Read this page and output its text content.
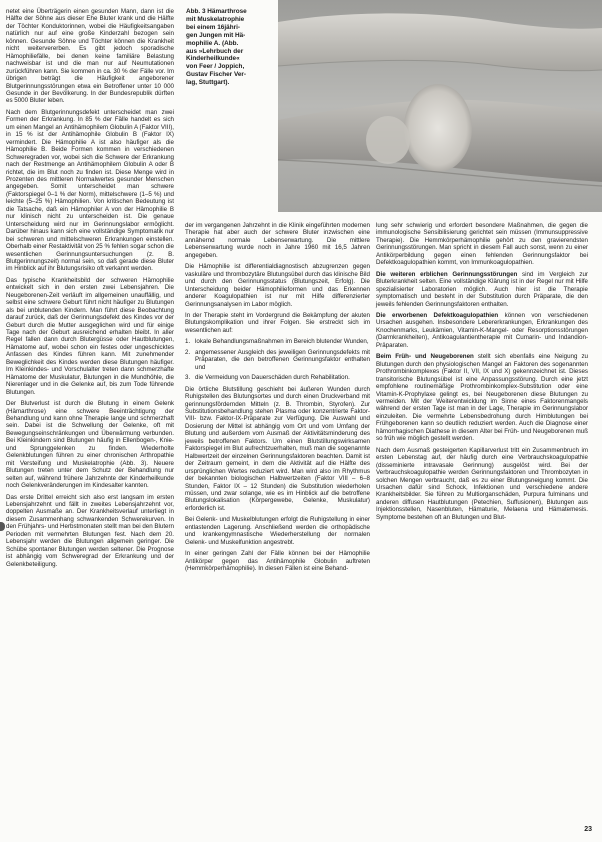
netet eine Überträgerin einen gesunden Mann, dann ist die Hälfte der Söhne aus dieser Ehe Bluter krank und die Hälfte der Töchter Konduktorinnen, wobei die Häufigkeitsangaben natürlich nur auf eine große Kinderzahl bezogen sein können. Gesunde Söhne und Töchter können die Krankheit nicht weitervererben. Es gibt jedoch sporadische Hämophiliefälle, bei denen keine familiäre Belastung nachweisbar ist und die man nur auf Neumutationen zurückführen kann. Sie kommen in ca. 30 % der Fälle vor. Im übrigen beträgt die Häufigkeit angeborener Blutgerinnungsstörungen etwa ein Betroffener unter 10 000 Gesunde in der Bevölkerung. In der Bundesrepublik dürften es 5000 Bluter leben.

Nach dem Blutgerinnungsdefekt unterscheidet man zwei Formen der Erkrankung. In 85 % der Fälle handelt es sich um einen Mangel an Antihämophilem Globulin A (Faktor VIII), in 15 % ist der Antihämophile Globulin B (Faktor IX) vermindert. Die Hämophilie A ist also häufiger als die Hämophilie B. Beide Formen kommen in verschiedenen Schweregraden vor, wobei sich die Schwere der Erkrankung nach der Restmenge an Antihämophilem Globulin A oder B richtet, die im Blut noch zu finden ist. Diese Menge wird in Prozenten des mittleren Normalwertes gesunder Menschen angegeben. Somit unterscheidet man schwere (Faktorspiegel 0–1 % der Norm), mittelschwere (1–5 %) und leichte (5–25 %) Hämophilien. Von kritischen Bedeutung ist die Tatsache, daß ein Hämophiler A von der Hämophilie B nur klinisch nicht zu unterscheiden ist. Die genaue Unterscheidung wird nur im Gerinnungslabor ermöglicht. Darüber hinaus kann sich eine vollständige Symptomatik nur bei schweren und mittelschweren Erkrankungen einstellen. Oberhalb einer Restaktivität von 25 % fehlen sogar schon die wesentlichen Gerinnungsuntersuchungen (z. B. Blutgerinnungszeit) normal sein, so daß gerade diese Bluter im Hinblick auf ihr Blutungsrisiko oft verkannt werden.

Das typische Krankheitsbild der schweren Hämophilie entwickelt sich in den ersten zwei Lebensjahren. Die Neugeborenen-Zeit verläuft im allgemeinen unauffällig, und selbst eine schwere Geburt führt nicht häufiger zu Blutungen als bei unblutenden Kindern. Man führt diese Beobachtung darauf zurück, daß der Gerinnungsdefekt des Kindes vor der Geburt durch die Mutter ausgeglichen wird und für einige Tage nach der Geburt ausreichend erhalten bleibt. In aller Regel fallen dann durch Blutergüsse oder Hautblutungen, Hämatome auf, wobei schon ein festes oder ungeschicktes Anfassen des Kindes führen kann. Mit zunehmender Beweglichkeit des Kindes werden diese Blutungen häufiger. Im Kleinkindes- und Vorschulalter treten dann schmerzhafte Hämatome der Muskulatur, Blutungen in die Mundhöhle, die Nierenlager und in die Gelenke auf, bis zum Tode führende Blutungen.

Der Blutverlust ist durch die Blutung in einem Gelenk (Hämarthrose) eine schwere Beeinträchtigung der Behandlung und kann ohne Therapie lange und schmerzhaft sein. Dabei ist die Schwellung der Gelenke, oft mit Bewegungseinschränkungen und Überwärmung verbunden. Bei Kleinkindern sind Blutungen häufig in Ellenbogen-, Knie- und Sprunggelenken zu finden. Wiederholte Gelenkblutungen führen zu einer chronischen Arthropathie mit Versteifung und Muskelatrophie (Abb. 3). Neuere Blutungen treten unter dem Schutz der Behandlung nur selten auf, während frühere Jahrzehnte der Kinderheilkunde noch Gelenkveränderungen im Kindesalter kannten.

Das erste Drittel erreicht sich also erst langsam im ersten Lebensjahrzehnt und fällt in zweites Lebensjahrzehnt vor, doppelten Ausmaße an. Der Krankheitsverlauf unterliegt in diesem Zusammenhang schwankenden Schwerekurven. In den Frühjahrs- und Herbstmonaten stellt man bei den Blutern Perioden mit vermehrten Blutungen fest. Nach dem 20. Lebensjahr werden die Blutungen allgemein geringer. Die Schübe spontaner Blutungen werden seltener. Die Prognose ist abhängig vom Schweregrad der Erkrankung und der Gelenkbeteiligung.

Abb. 3 Hämarthrose
mit Muskelatrophie
bei einem 16jähri-
gen Jungen mit Hä-
mophilie A. (Abb.
aus »Lehrbuch der
Kinderheilkunde«
von Feer / Joppich,
Gustav Fischer Ver-
lag, Stuttgart).

der im vergangenen Jahrzehnt in die Klinik eingeführten modernen Therapie hat aber auch der schwere Bluter inzwischen eine annähernd normale Lebenserwartung. Die mittlere Lebenserwartung wurde noch in Jahre 1960 mit 16,5 Jahren angegeben.

Die Hämophilie ist differentialdiagnostisch abzugrenzen gegen vaskuläre und thrombozytäre Blutungsübel durch das klinische Bild und durch den Gerinnungsstatus (Blutungszeit, Erfolg). Die Unterscheidung beider Hämophilieformen und das Erkennen anderer Koagulopathien ist nur mit Hilfe differenzierter Gerinnungsanalysen im Labor möglich.

In der Therapie steht im Vordergrund die Bekämpfung der akuten Blutungskomplikation und ihrer Folgen. Sie erstreckt sich im wesentlichen auf:

1. lokale Behandlungsmaßnahmen im Bereich blutender Wunden,
2. angemessener Ausgleich des jeweiligen Gerinnungsdefekts mit Präparaten, die den betroffenen Gerinnungsfaktor enthalten und
3. die Vermeidung von Dauerschäden durch Rehabilitation.

Die örtliche Blutstillung geschieht bei äußeren Wunden durch Ruhigstellen des Blutungsortes und durch einen Druckverband mit gerinnungsfördernden Mitteln (z. B. Thrombin, Styrofen). Zur Substitutionsbehandlung stehen Plasma oder konzentrierte Faktor-VIII- bzw. Faktor-IX-Präparate zur Verfügung. Die Auswahl und Dosierung der Mittel ist abhängig vom Ort und vom Umfang der Blutung und außerdem vom Ausmaß der Aktivitätsminderung des jeweils betroffenen Faktors. Um einen Blutstillungswirksamen Faktorspiegel im Blut aufrechtzuerhalten, muß man die sogenannte Halbwertzeit der einzelnen Gerinnungsfaktoren beachten. Damit ist der Zeitraum gemeint, in dem die Aktivität auf die Hälfte des ursprünglichen Wertes reduziert wird. Man wird also im Rhythmus der bekannten biologischen Halbwertzeiten (Faktor VIII – 6–8 Stunden, Faktor IX – 12 Stunden) die Substitution wiederholen müssen, und zwar solange, wie es im Hinblick auf die betroffene Blutungslokalisation (Körpergewebe, Gelenke, Muskulatur) erforderlich ist.

Bei Gelenk- und Muskelblutungen erfolgt die Ruhigstellung in einer entlastenden Lagerung. Anschließend werden die orthopädische und krankengymnastische Wiederherstellung der normalen Gelenk- und Muskelfunktion angestrebt.

In einer geringen Zahl der Fälle können bei der Hämophilie Antikörper gegen das Antihämophile Globulin auftreten (Hemmkörperhämophilie). In diesen Fällen ist eine Behand-

lung sehr schwierig und erfordert besondere Maßnahmen, die gegen die immunologische Sensibilisierung gerichtet sein müssen (Immunsuppressive Therapie). Die Hemmkörperhämophilie gehört zu den gravierendsten Gerinnungsstörungen. Man spricht in diesem Fall auch sonst, wenn zu einer Antikörperbildung gegen einen fehlenden Gerinnungsfaktor bei Defektkoagulopathien kommt, von Immunkoagulopathien.

Die weiteren erblichen Gerinnungsstörungen sind im Vergleich zur Bluterkrankheit selten. Eine vollständige Klärung ist in der Regel nur mit Hilfe spezialisierter Laboratorien möglich. Auch hier ist die Therapie symptomatisch und besteht in der Substitution durch Präparate, die den jeweils fehlenden Gerinnungsfaktoren enthalten.

Die erworbenen Defektkoagulopathien können von verschiedenen Ursachen ausgehen. Insbesondere Lebererkrankungen, Erkrankungen des Knochenmarks, Leukämien, Vitamin-K-Mangel- oder Resorptionsstörungen (Darmkrankheiten), Antikoagulantientherapie mit Cumarin- und Indandion-Präparaten.

Beim Früh- und Neugeborenen stellt sich ebenfalls eine Neigung zu Blutungen durch den physiologischen Mangel an Faktoren des sogenannten Prothrombinkomplexes (Faktor II, VII, IX und X) gekennzeichnet ist. Dieses transitorische Blutungsübel ist eine Anpassungsstörung. Durch eine jetzt empfohlene routinemäßige Prothrombinkomplex-Substitution oder eine Vitamin-K-Prophylaxe gelingt es, bei Neugeborenen diese Blutungen zu vermeiden. Mit der Weiterentwicklung im Sinne eines Faktorenmangels während der ersten Tage ist man in der Lage, Therapie im Gerinnungslabor einzuleiten. Die vermehrte Lebensbedrohung durch Hirnblutungen bei Frühgeborenen kann so deutlich reduziert werden. Auch die Diagnose einer hämorrhagischen Diathese in diesem Alter bei Früh- und Neugeborenen muß so früh wie möglich gestellt werden.

Nach dem Ausmaß gesteigerten Kapillarverlust tritt ein Zusammenbruch im ersten Lebenstag auf, der häufig durch eine Verbrauchskoagulopathie (disseminierte intravasale Gerinnung) ausgelöst wird. Bei der Verbrauchskoagulopathie werden Gerinnungsfaktoren und Thrombozyten in solchen Mengen verbraucht, daß es zu einer Blutungsneigung kommt. Die Ursachen dafür sind Schock, Infektionen und verschiedene andere Krankheitsbilder. Sie führen zu Multiorganschäden, Purpura fulminans und anderen diffusen Hautblutungen (Petechien, Suffusionen), Blutungen aus Injektionsstellen, Nasenbluten, Hämaturie, Melaena und Hämatemesis. Symptome bestehen oft an Blutungen und Blut-

23
